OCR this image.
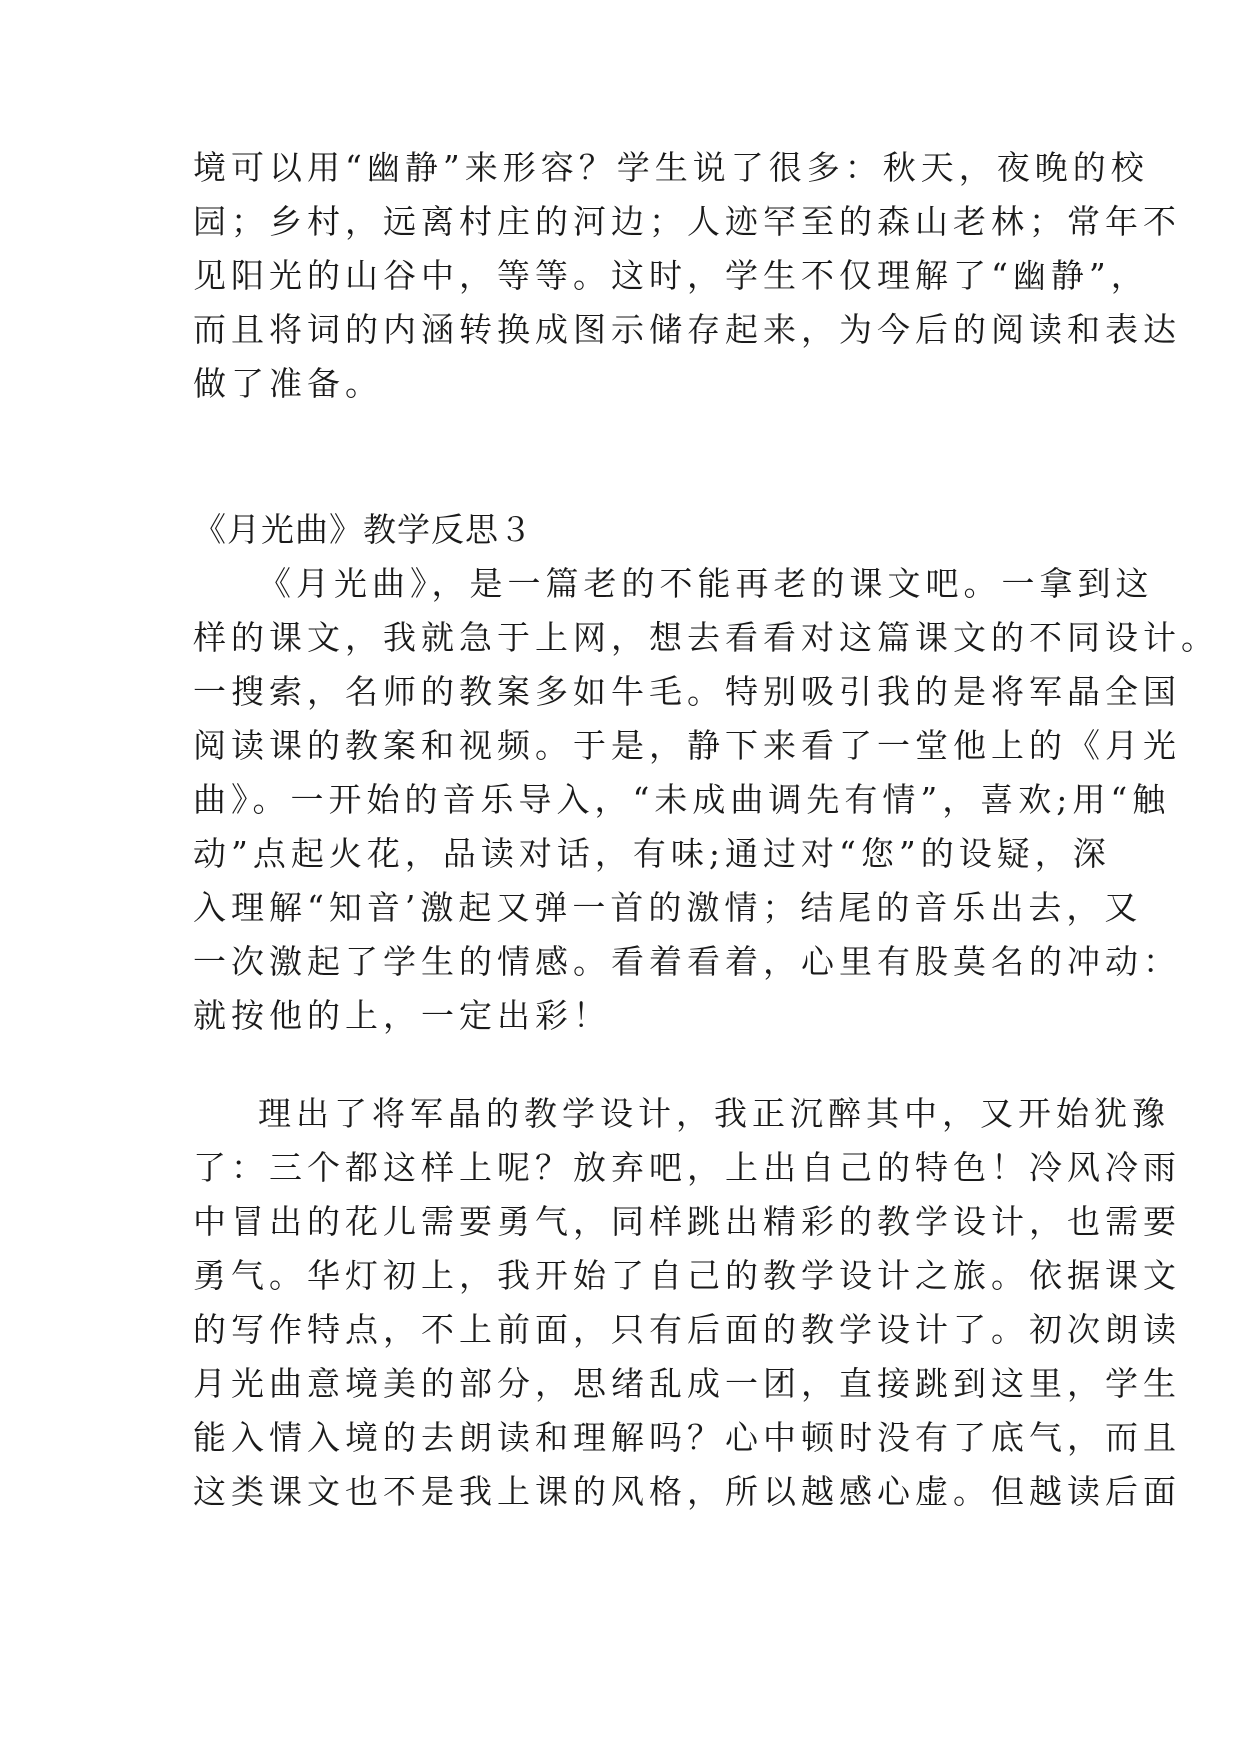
境可以用“幽静”来形容？学生说了很多：秋天，夜晚的校
园；乡村，远离村庄的河边；人迹罕至的森山老林；常年不
见阳光的山谷中，等等。这时，学生不仅理解了“幽静”，
而且将词的内涵转换成图示储存起来，为今后的阅读和表达
做了准备。
《月光曲》教学反思３
《月光曲》，是一篇老的不能再老的课文吧。一拿到这
样的课文，我就急于上网，想去看看对这篇课文的不同设计。
一搜索，名师的教案多如牛毛。特别吸引我的是将军晶全国
阅读课的教案和视频。于是，静下来看了一堂他上的《月光
曲》。一开始的音乐导入，“未成曲调先有情”，喜欢;用“触
动”点起火花，品读对话，有味;通过对“您”的设疑，深
入理解“知音’激起又弹一首的激情；结尾的音乐出去，又
一次激起了学生的情感。看着看着，心里有股莫名的冲动：
就按他的上，一定出彩！
理出了将军晶的教学设计，我正沉醉其中，又开始犹豫
了：三个都这样上呢？放弃吧，上出自己的特色！冷风冷雨
中冒出的花儿需要勇气，同样跳出精彩的教学设计，也需要
勇气。华灯初上，我开始了自己的教学设计之旅。依据课文
的写作特点，不上前面，只有后面的教学设计了。初次朗读
月光曲意境美的部分，思绪乱成一团，直接跳到这里，学生
能入情入境的去朗读和理解吗？心中顿时没有了底气，而且
这类课文也不是我上课的风格，所以越感心虚。但越读后面
